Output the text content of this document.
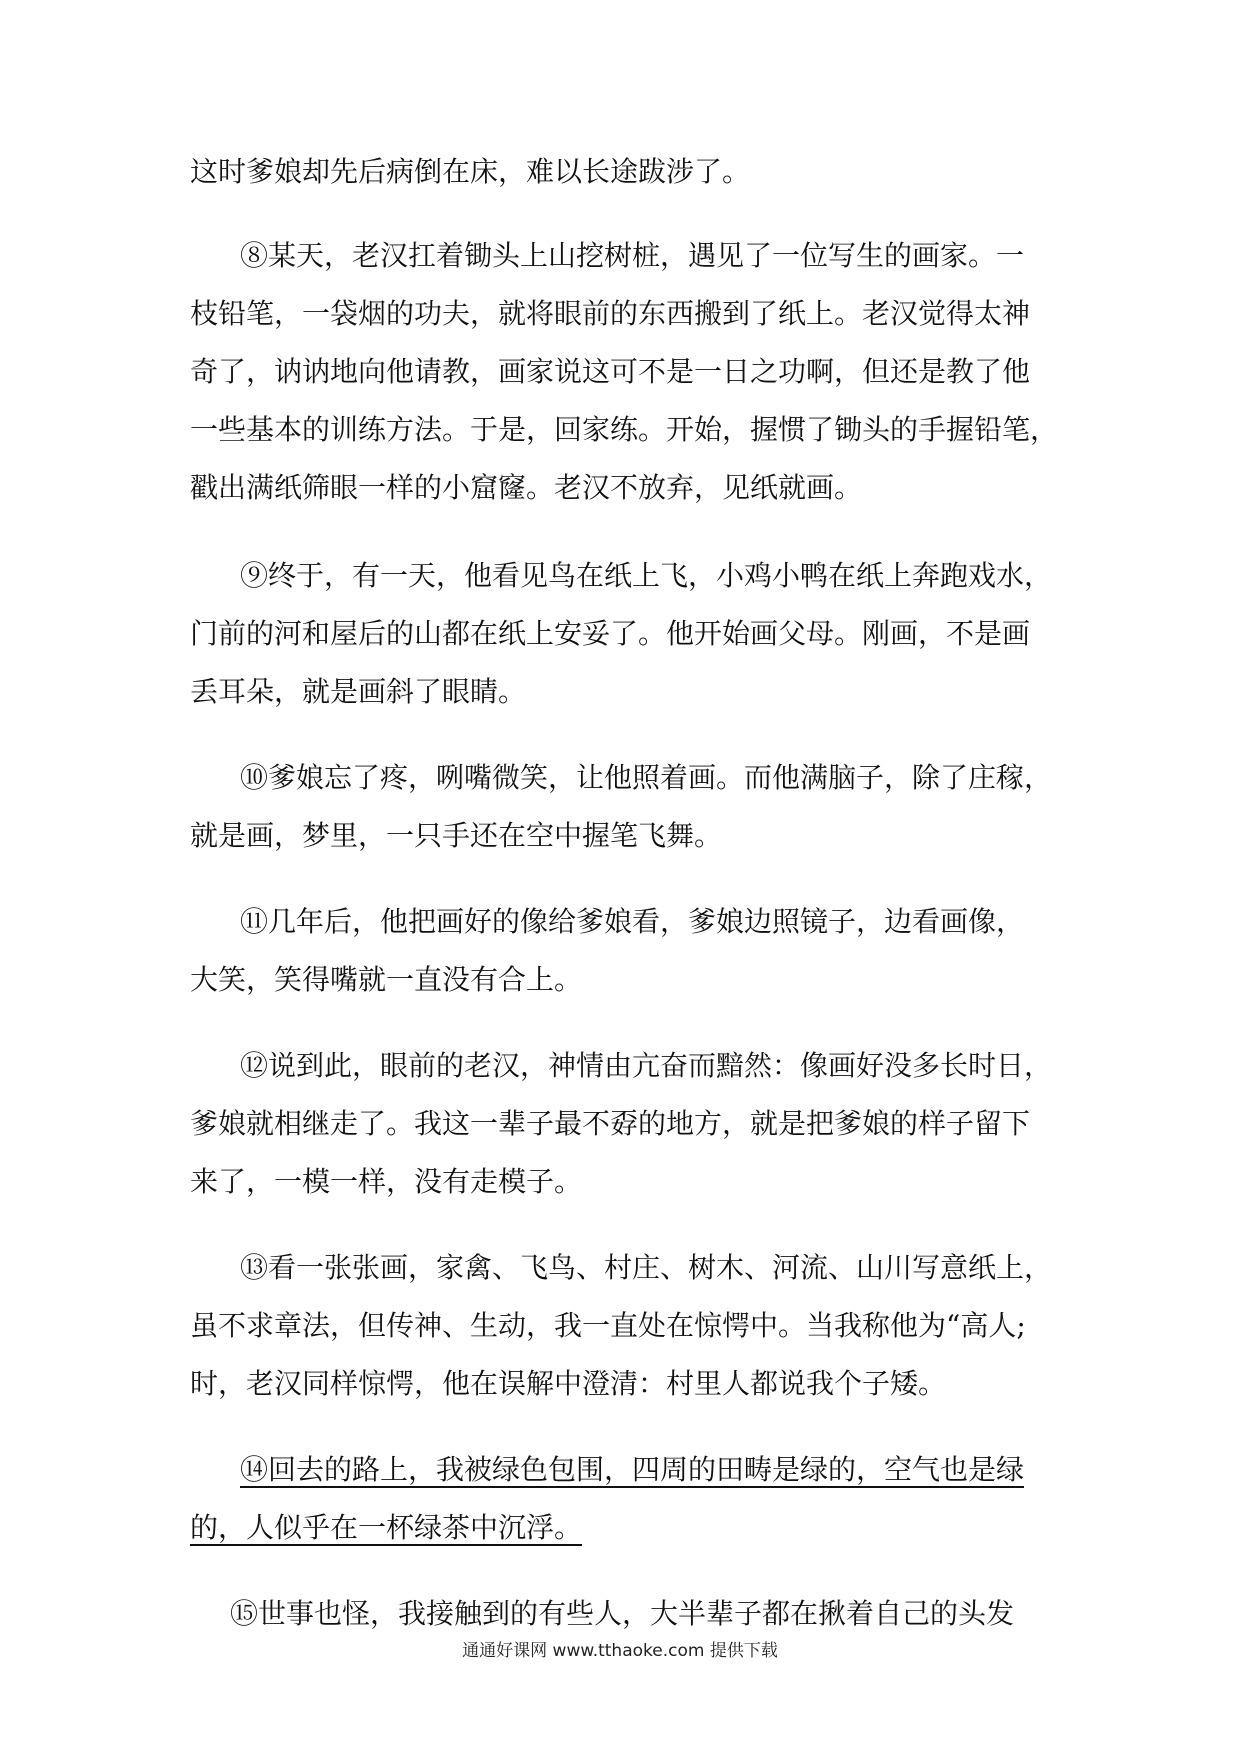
这时爹娘却先后病倒在床，难以长途跋涉了。
⑧某天，老汉扛着锄头上山挖树桩，遇见了一位写生的画家。一
枝铅笔，一袋烟的功夫，就将眼前的东西搬到了纸上。老汉觉得太神
奇了，讷讷地向他请教，画家说这可不是一日之功啊，但还是教了他
一些基本的训练方法。于是，回家练。开始，握惯了锄头的手握铅笔，
戳出满纸筛眼一样的小窟窿。老汉不放弃，见纸就画。
⑨终于，有一天，他看见鸟在纸上飞，小鸡小鸭在纸上奔跑戏水，
门前的河和屋后的山都在纸上安妥了。他开始画父母。刚画，不是画
丢耳朵，就是画斜了眼睛。
⑩爹娘忘了疼，咧嘴微笑，让他照着画。而他满脑子，除了庄稼，
就是画，梦里，一只手还在空中握笔飞舞。
⑪几年后，他把画好的像给爹娘看，爹娘边照镜子，边看画像，
大笑，笑得嘴就一直没有合上。
⑫说到此，眼前的老汉，神情由亢奋而黯然：像画好没多长时日，
爹娘就相继走了。我这一辈子最不孬的地方，就是把爹娘的样子留下
来了，一模一样，没有走模子。
⑬看一张张画，家禽、飞鸟、村庄、树木、河流、山川写意纸上，
虽不求章法，但传神、生动，我一直处在惊愕中。当我称他为“高人;
时，老汉同样惊愕，他在误解中澄清：村里人都说我个子矮。
⑭回去的路上，我被绿色包围，四周的田畴是绿的，空气也是绿
的，人似乎在一杯绿茶中沉浮。
⑮世事也怪，我接触到的有些人，大半辈子都在揪着自己的头发
通通好课网 www.tthaoke.com 提供下载
